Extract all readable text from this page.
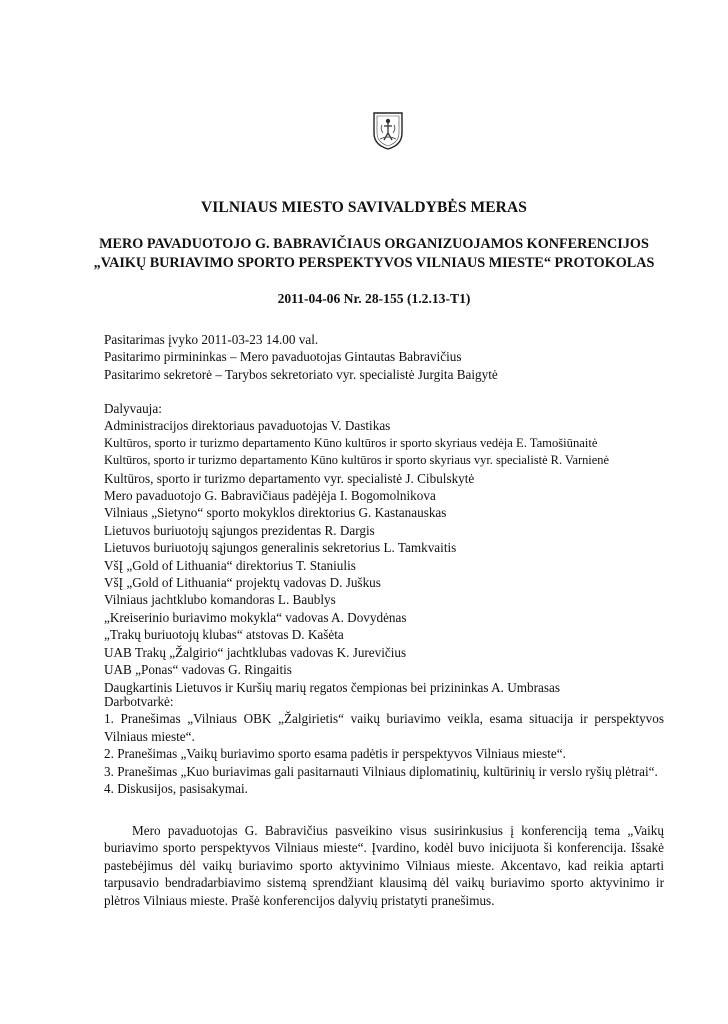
VILNIAUS MIESTO SAVIVALDYBĖS MERAS
MERO PAVADUOTOJO G. BABRAVIČIAUS ORGANIZUOJAMOS KONFERENCIJOS
„VAIKŲ BURIAVIMO SPORTO PERSPEKTYVOS VILNIAUS MIESTE“ PROTOKOLAS
2011-04-06 Nr. 28-155 (1.2.13-T1)
Pasitarimas įvyko 2011-03-23 14.00 val.
Pasitarimo pirmininkas – Mero pavaduotojas Gintautas Babravičius
Pasitarimo sekretorė – Tarybos sekretoriato vyr. specialistė Jurgita Baigytė
Dalyvauja:
Administracijos direktoriaus pavaduotojas V. Dastikas
Kultūros, sporto ir turizmo departamento Kūno kultūros ir sporto skyriaus vedėja E. Tamošiūnaitė
Kultūros, sporto ir turizmo departamento Kūno kultūros ir sporto skyriaus vyr. specialistė R. Varnienė
Kultūros, sporto ir turizmo departamento vyr. specialistė J. Cibulskytė
Mero pavaduotojo G. Babravičiaus padėjėja I. Bogomolnikova
Vilniaus „Sietyno“ sporto mokyklos direktorius G. Kastanauskas
Lietuvos buriuotojų sąjungos prezidentas R. Dargis
Lietuvos buriuotojų sąjungos generalinis sekretorius L. Tamkvaitis
VšĮ „Gold of Lithuania“ direktorius T. Staniulis
VšĮ „Gold of Lithuania“ projektų vadovas D. Juškus
Vilniaus jachtklubo komandoras L. Baublys
„Kreiserinio buriavimo mokykla“ vadovas A. Dovydėnas
„Trakų buriuotojų klubas“ atstovas D. Kašėta
UAB Trakų „Žalgirio“ jachtklubas vadovas K. Jurevičius
UAB „Ponas“ vadovas G. Ringaitis
Daugkartinis Lietuvos ir Kuršių marių regatos čempionas bei prizininkas A. Umbrasas
Darbotvarkė:
1. Pranešimas „Vilniaus OBK „Žalgirietis“ vaikų buriavimo veikla, esama situacija ir perspektyvos Vilniaus mieste“.
2. Pranešimas „Vaikų buriavimo sporto esama padėtis ir perspektyvos Vilniaus mieste“.
3. Pranešimas „Kuo buriavimas gali pasitarnauti Vilniaus diplomatinių, kultūrinių ir verslo ryšių plėtrai“.
4. Diskusijos, pasisakymai.
Mero pavaduotojas G. Babravičius pasveikino visus susirinkusius į konferenciją tema „Vaikų buriavimo sporto perspektyvos Vilniaus mieste“. Įvardino, kodėl buvo inicijuota ši konferencija. Išsakė pastebėjimus dėl vaikų buriavimo sporto aktyvinimo Vilniaus mieste. Akcentavo, kad reikia aptarti tarpusavio bendradarbiavimo sistemą sprendžiant klausimą dėl vaikų buriavimo sporto aktyvinimo ir plėtros Vilniaus mieste. Prašė konferencijos dalyvių pristatyti pranešimus.
